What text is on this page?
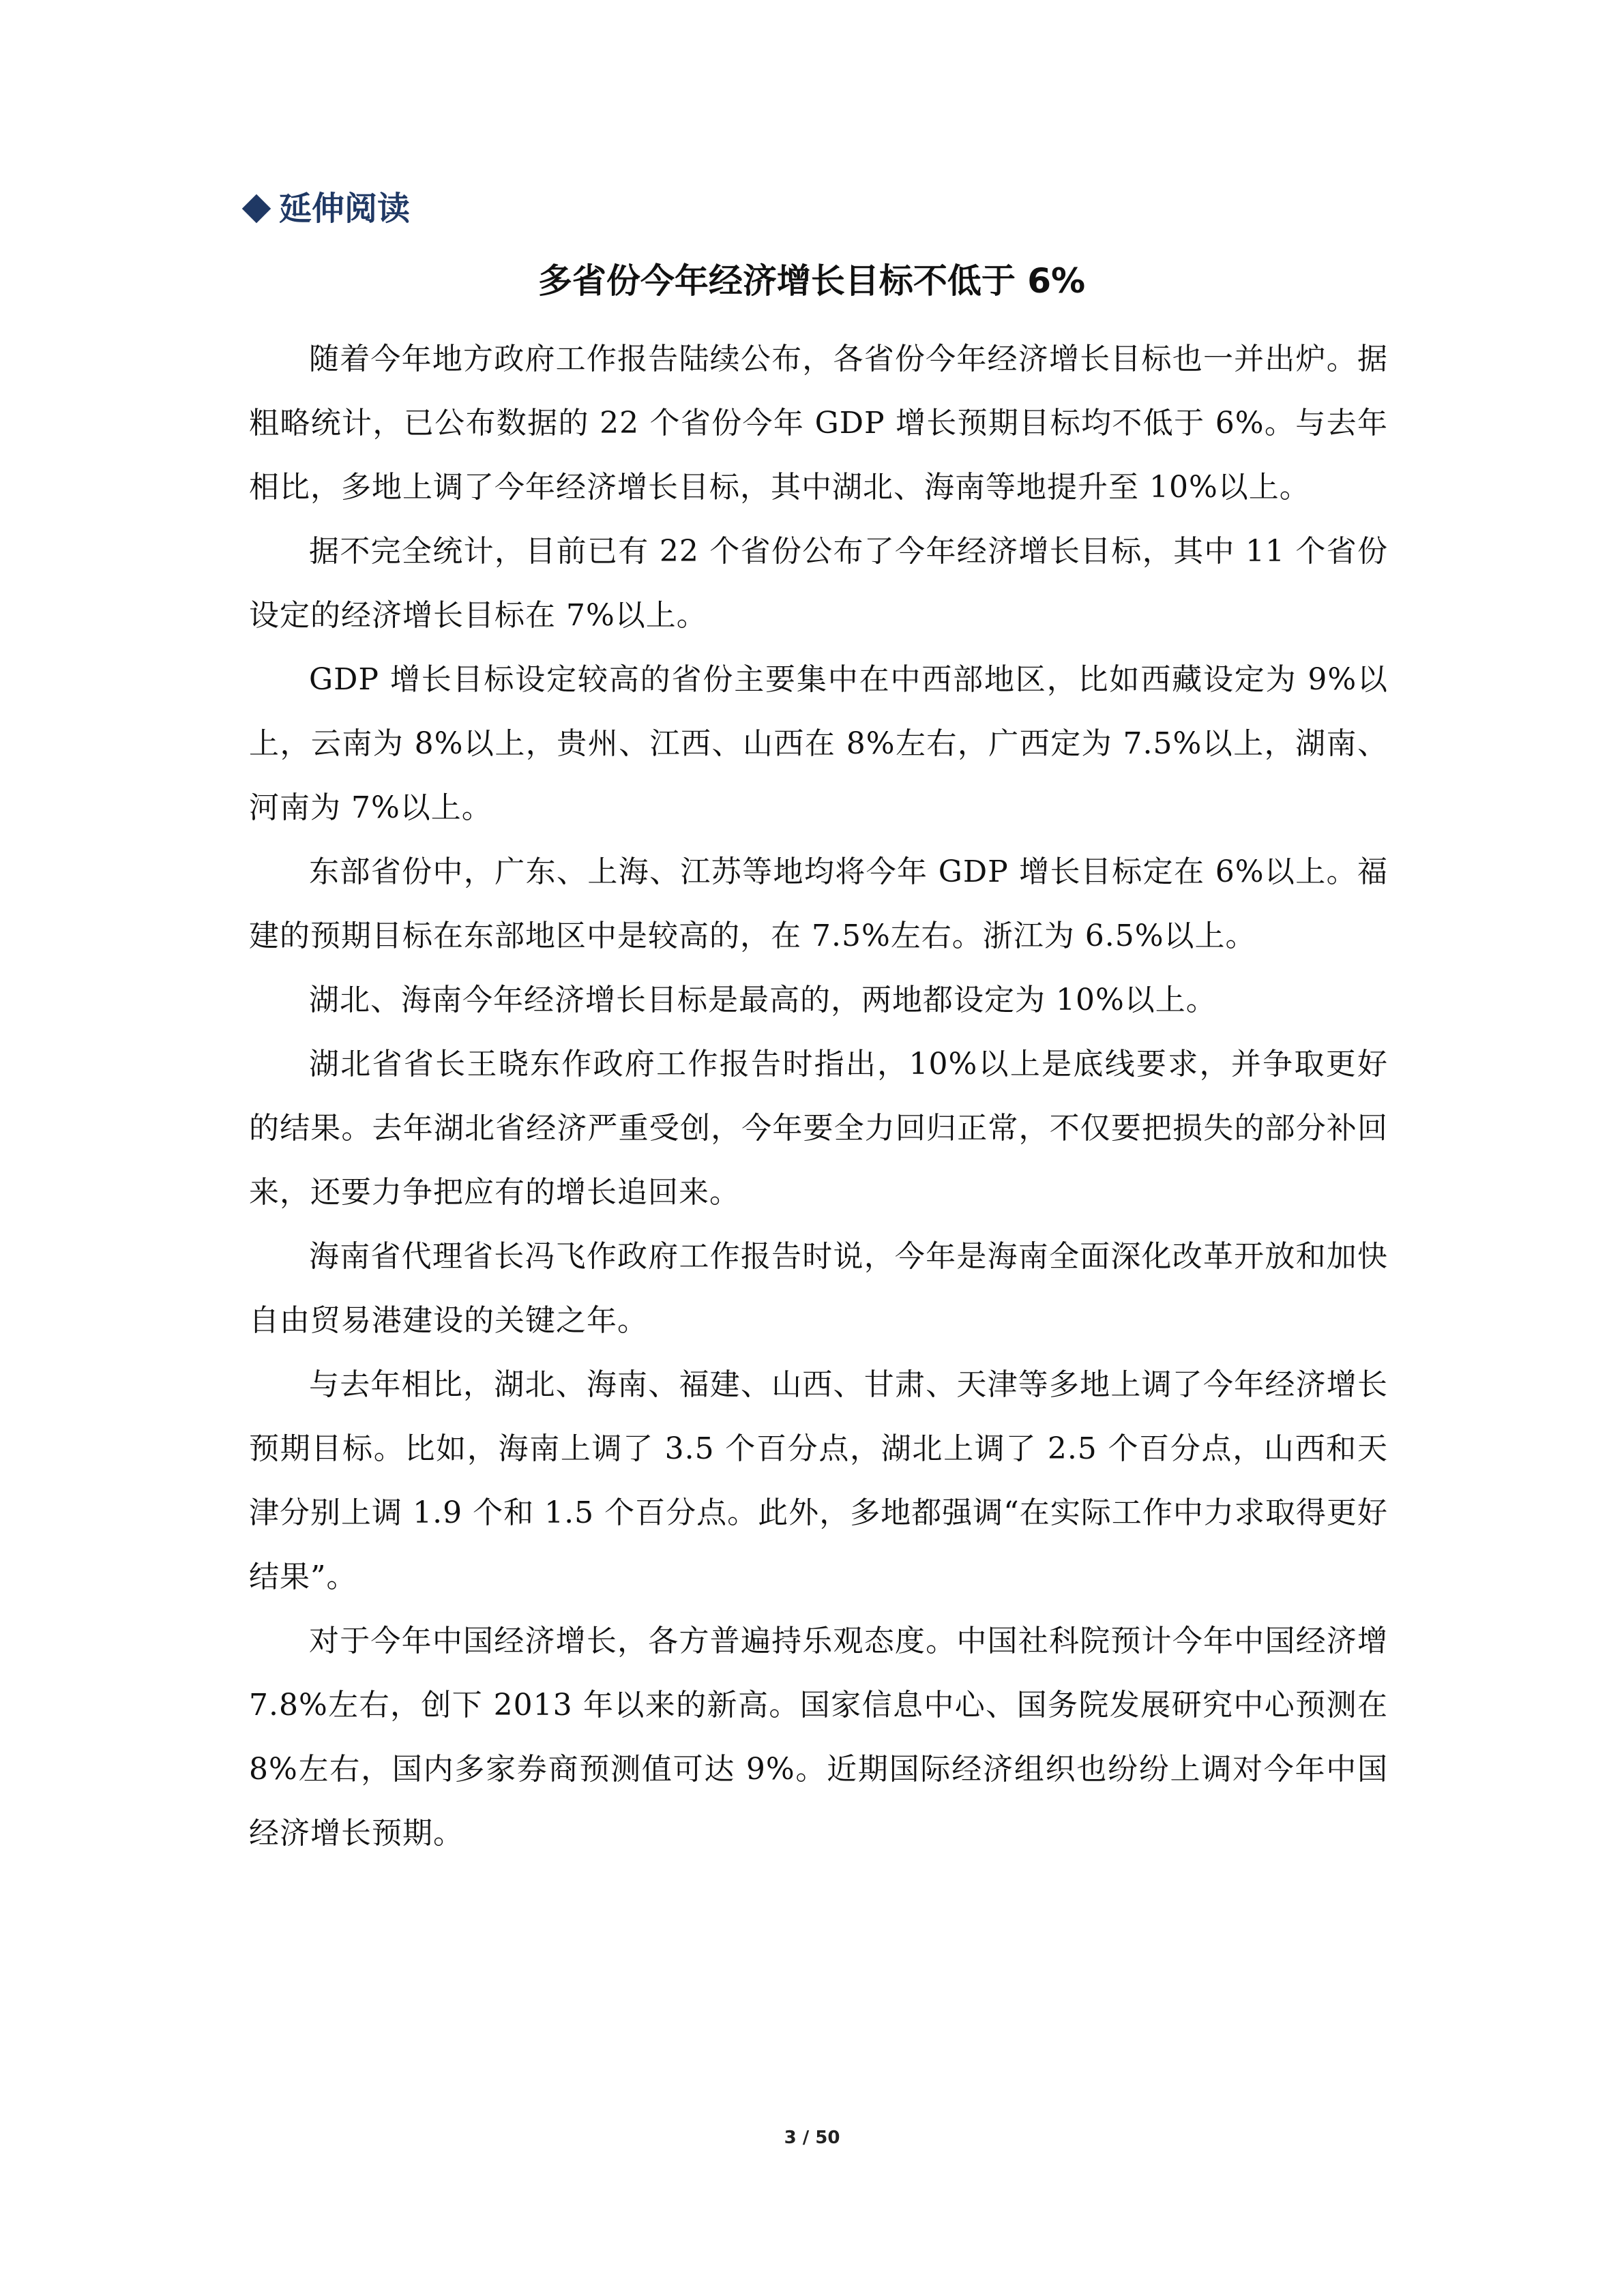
延伸阅读
多省份今年经济增长目标不低于 6%

随着今年地方政府工作报告陆续公布，各省份今年经济增长目标也一并出炉。据粗略统计，已公布数据的 22 个省份今年 GDP 增长预期目标均不低于 6%。与去年相比，多地上调了今年经济增长目标，其中湖北、海南等地提升至 10%以上。

据不完全统计，目前已有 22 个省份公布了今年经济增长目标，其中 11 个省份设定的经济增长目标在 7%以上。

GDP 增长目标设定较高的省份主要集中在中西部地区，比如西藏设定为 9%以上，云南为 8%以上，贵州、江西、山西在 8%左右，广西定为 7.5%以上，湖南、河南为 7%以上。

东部省份中，广东、上海、江苏等地均将今年 GDP 增长目标定在 6%以上。福建的预期目标在东部地区中是较高的，在 7.5%左右。浙江为 6.5%以上。

湖北、海南今年经济增长目标是最高的，两地都设定为 10%以上。

湖北省省长王晓东作政府工作报告时指出，10%以上是底线要求，并争取更好的结果。去年湖北省经济严重受创，今年要全力回归正常，不仅要把损失的部分补回来，还要力争把应有的增长追回来。

海南省代理省长冯飞作政府工作报告时说，今年是海南全面深化改革开放和加快自由贸易港建设的关键之年。

与去年相比，湖北、海南、福建、山西、甘肃、天津等多地上调了今年经济增长预期目标。比如，海南上调了 3.5 个百分点，湖北上调了 2.5 个百分点，山西和天津分别上调 1.9 个和 1.5 个百分点。此外，多地都强调“在实际工作中力求取得更好结果”。

对于今年中国经济增长，各方普遍持乐观态度。中国社科院预计今年中国经济增 7.8%左右，创下 2013 年以来的新高。国家信息中心、国务院发展研究中心预测在 8%左右，国内多家券商预测值可达 9%。近期国际经济组织也纷纷上调对今年中国经济增长预期。

3 / 50
